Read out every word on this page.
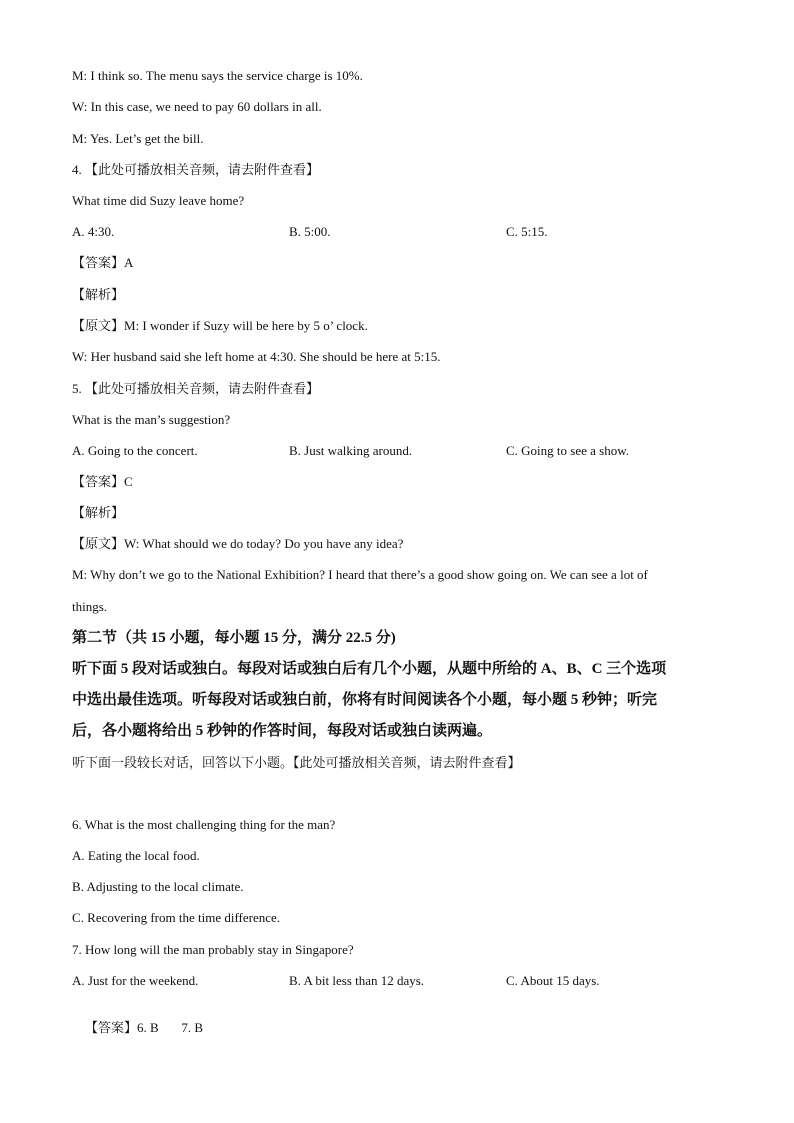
M: I think so. The menu says the service charge is 10%.
W: In this case, we need to pay 60 dollars in all.
M: Yes. Let’s get the bill.
4. 【此处可播放相关音频，请去附件查看】
What time did Suzy leave home?
A. 4:30.	B. 5:00.	C. 5:15.
【答案】A
【解析】
【原文】M: I wonder if Suzy will be here by 5 o’ clock.
W: Her husband said she left home at 4:30. She should be here at 5:15.
5. 【此处可播放相关音频，请去附件查看】
What is the man’s suggestion?
A. Going to the concert.	B. Just walking around.	C. Going to see a show.
【答案】C
【解析】
【原文】W: What should we do today? Do you have any idea?
M: Why don’t we go to the National Exhibition? I heard that there’s a good show going on. We can see a lot of
things.
第二节（共 15 小题，每小题 15 分，满分 22.5 分)
听下面 5 段对话或独白。每段对话或独白后有几个小题，从题中所给的 A、B、C 三个选项
中选出最佳选项。听每段对话或独白前，你将有时间阅读各个小题，每小题 5 秒钟；听完
后，各小题将给出 5 秒钟的作答时间，每段对话或独白读两遍。
听下面一段较长对话，回答以下小题。【此处可播放相关音频，请去附件查看】
6. What is the most challenging thing for the man?
A. Eating the local food.
B. Adjusting to the local climate.
C. Recovering from the time difference.
7. How long will the man probably stay in Singapore?
A. Just for the weekend.	B. A bit less than 12 days.	C. About 15 days.

【答案】6. B       7. B
